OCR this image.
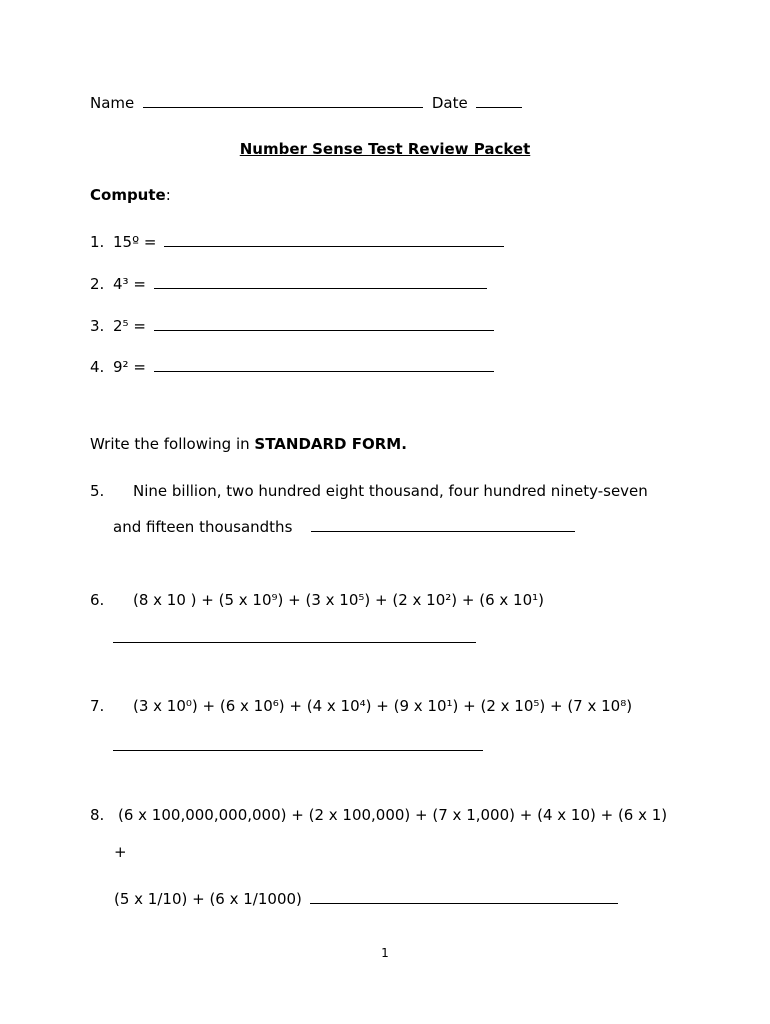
Name	Date
Number Sense Test Review Packet
Compute:
1. 15º =
2. 4³ =
3. 2⁵ =
4. 9² =
Write the following in STANDARD FORM.
5. Nine billion, two hundred eight thousand, four hundred ninety-seven
and fifteen thousandths
6. (8 x 10 ) + (5 x 10⁹) + (3 x 10⁵) + (2 x 10²) + (6 x 10¹)
7. (3 x 10⁰) + (6 x 10⁶) + (4 x 10⁴) + (9 x 10¹) + (2 x 10⁵) + (7 x 10⁸)
8. (6 x 100,000,000,000) + (2 x 100,000) + (7 x 1,000) + (4 x 10) + (6 x 1)
+
(5 x 1/10) + (6 x 1/1000)
1
